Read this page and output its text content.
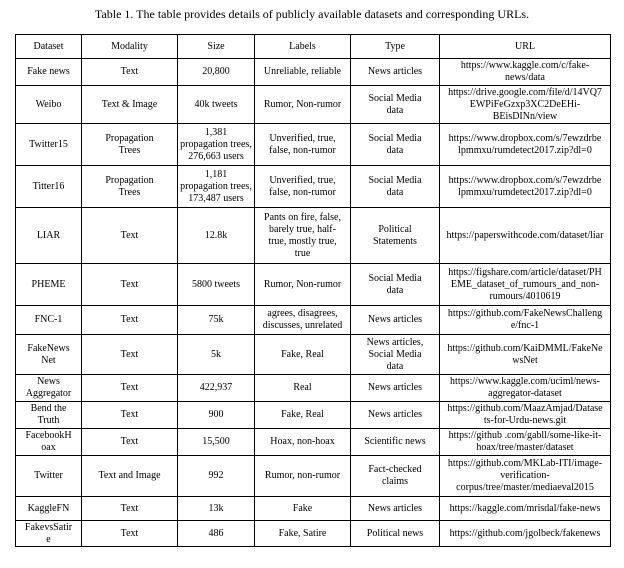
Table 1. The table provides details of publicly available datasets and corresponding URLs.
Dataset	Modality	Size	Labels	Type	URL

Fake news	Text	20,800	Unreliable, reliable	News articles	https://www.kaggle.com/c/fake-
news/data

Weibo	Text & Image	40k tweets	Rumor, Non-rumor	Social Media
data	https://drive.google.com/file/d/14VQ7
EWPiFeGzxp3XC2DeEHi-
BEisDINn/view

Twitter15	Propagation
Trees	1,381
propagation trees,
276,663 users	Unverified, true,
false, non-rumor	Social Media
data	https://www.dropbox.com/s/7ewzdrbe
lpmmxu/rumdetect2017.zip?dl=0

Titter16	Propagation
Trees	1,181
propagation trees,
173,487 users	Unverified, true,
false, non-rumor	Social Media
data	https://www.dropbox.com/s/7ewzdrbe
lpmmxu/rumdetect2017.zip?dl=0

LIAR	Text	12.8k	Pants on fire, false,
barely true, half-
true, mostly true,
true	Political
Statements	https://paperswithcode.com/dataset/liar

PHEME	Text	5800 tweets	Rumor, Non-rumor	Social Media
data	https://figshare.com/article/dataset/PH
EME_dataset_of_rumours_and_non-
rumours/4010619

FNC-1	Text	75k	agrees, disagrees,
discusses, unrelated	News articles	https://github.com/FakeNewsChalleng
e/fnc-1

FakeNews
Net	Text	5k	Fake, Real	News articles,
Social Media
data	https://github.com/KaiDMML/FakeNe
wsNet

News
Aggregator	Text	422,937	Real	News articles	https://www.kaggle.com/uciml/news-
aggregator-dataset

Bend the
Truth	Text	900	Fake, Real	News articles	https://github.com/MaazAmjad/Datase
ts-for-Urdu-news.git

FacebookH
oax	Text	15,500	Hoax, non-hoax	Scientific news	https://github .com/gabll/some-like-it-
hoax/tree/master/dataset

Twitter	Text and Image	992	Rumor, non-rumor	Fact-checked
claims	https://github.com/MKLab-ITI/image-
verification-
corpus/tree/master/mediaeval2015

KaggleFN	Text	13k	Fake	News articles	https://kaggle.com/mrisdal/fake-news

FakevsSatir
e	Text	486	Fake, Satire	Political news	https://github.com/jgolbeck/fakenews
